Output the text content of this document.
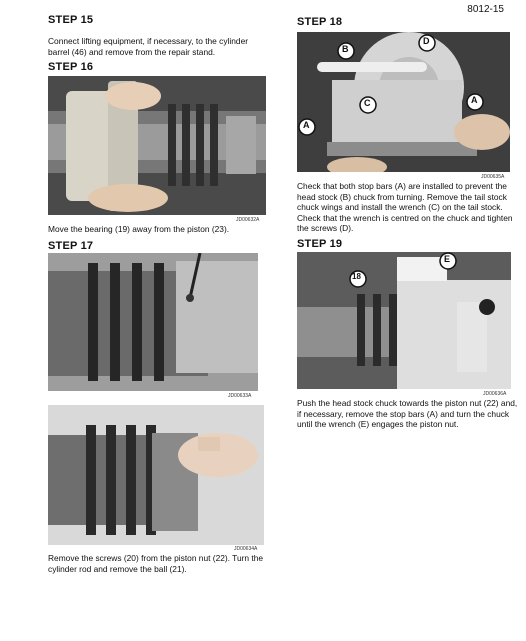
8012-15
STEP 15
Connect lifting equipment, if necessary, to the cylinder barrel (46) and remove from the repair stand.
STEP 16
JD00632A
Move the bearing (19) away from the piston (23).
STEP 17
JD00633A
JD00634A
Remove the screws (20) from the piston nut (22). Turn the cylinder rod and remove the ball (21).
STEP 18
B
D
C
A
A
JD00635A
Check that both stop bars (A) are installed to prevent the head stock (B) chuck from turning. Remove the tail stock chuck wings and install the wrench (C) on the tail stock. Check that the wrench is centred on the chuck and tighten the screws (D).
STEP 19
18
E
JD00636A
Push the head stock chuck towards the piston nut (22) and, if necessary, remove the stop bars (A) and turn the chuck until the wrench (E) engages the piston nut.
